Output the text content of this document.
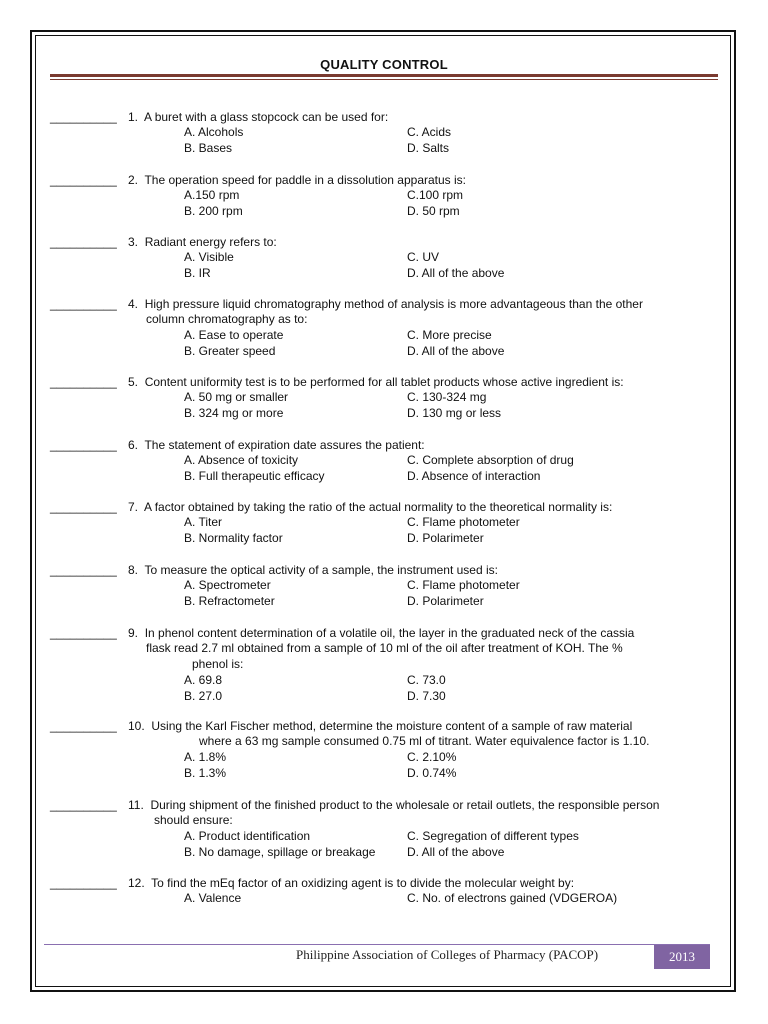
QUALITY CONTROL
__________ 1. A buret with a glass stopcock can be used for:
A. Alcohols	C. Acids
B. Bases	D. Salts
__________ 2. The operation speed for paddle in a dissolution apparatus is:
A.150 rpm	C.100 rpm
B. 200 rpm	D. 50 rpm
__________ 3. Radiant energy refers to:
A. Visible	C. UV
B. IR	D. All of the above
__________ 4. High pressure liquid chromatography method of analysis is more advantageous than the other
column chromatography as to:
A. Ease to operate	C. More precise
B. Greater speed	D. All of the above
__________ 5. Content uniformity test is to be performed for all tablet products whose active ingredient is:
A. 50 mg or smaller	C. 130-324 mg
B. 324 mg or more	D. 130 mg or less
__________ 6. The statement of expiration date assures the patient:
A. Absence of toxicity	C. Complete absorption of drug
B. Full therapeutic efficacy	D. Absence of interaction
__________ 7. A factor obtained by taking the ratio of the actual normality to the theoretical normality is:
A. Titer	C. Flame photometer
B. Normality factor	D. Polarimeter
__________ 8. To measure the optical activity of a sample, the instrument used is:
A. Spectrometer	C. Flame photometer
B. Refractometer	D. Polarimeter
__________ 9. In phenol content determination of a volatile oil, the layer in the graduated neck of the cassia
flask read 2.7 ml obtained from a sample of 10 ml of the oil after treatment of KOH. The %
phenol is:
A. 69.8	C. 73.0
B. 27.0	D. 7.30
__________ 10. Using the Karl Fischer method, determine the moisture content of a sample of raw material
where a 63 mg sample consumed 0.75 ml of titrant. Water equivalence factor is 1.10.
A. 1.8%	C. 2.10%
B. 1.3%	D. 0.74%
__________ 11. During shipment of the finished product to the wholesale or retail outlets, the responsible person
should ensure:
A. Product identification	C. Segregation of different types
B. No damage, spillage or breakage	D. All of the above
__________ 12. To find the mEq factor of an oxidizing agent is to divide the molecular weight by:
A. Valence	C. No. of electrons gained (VDGEROA)
Philippine Association of Colleges of Pharmacy (PACOP)	2013
